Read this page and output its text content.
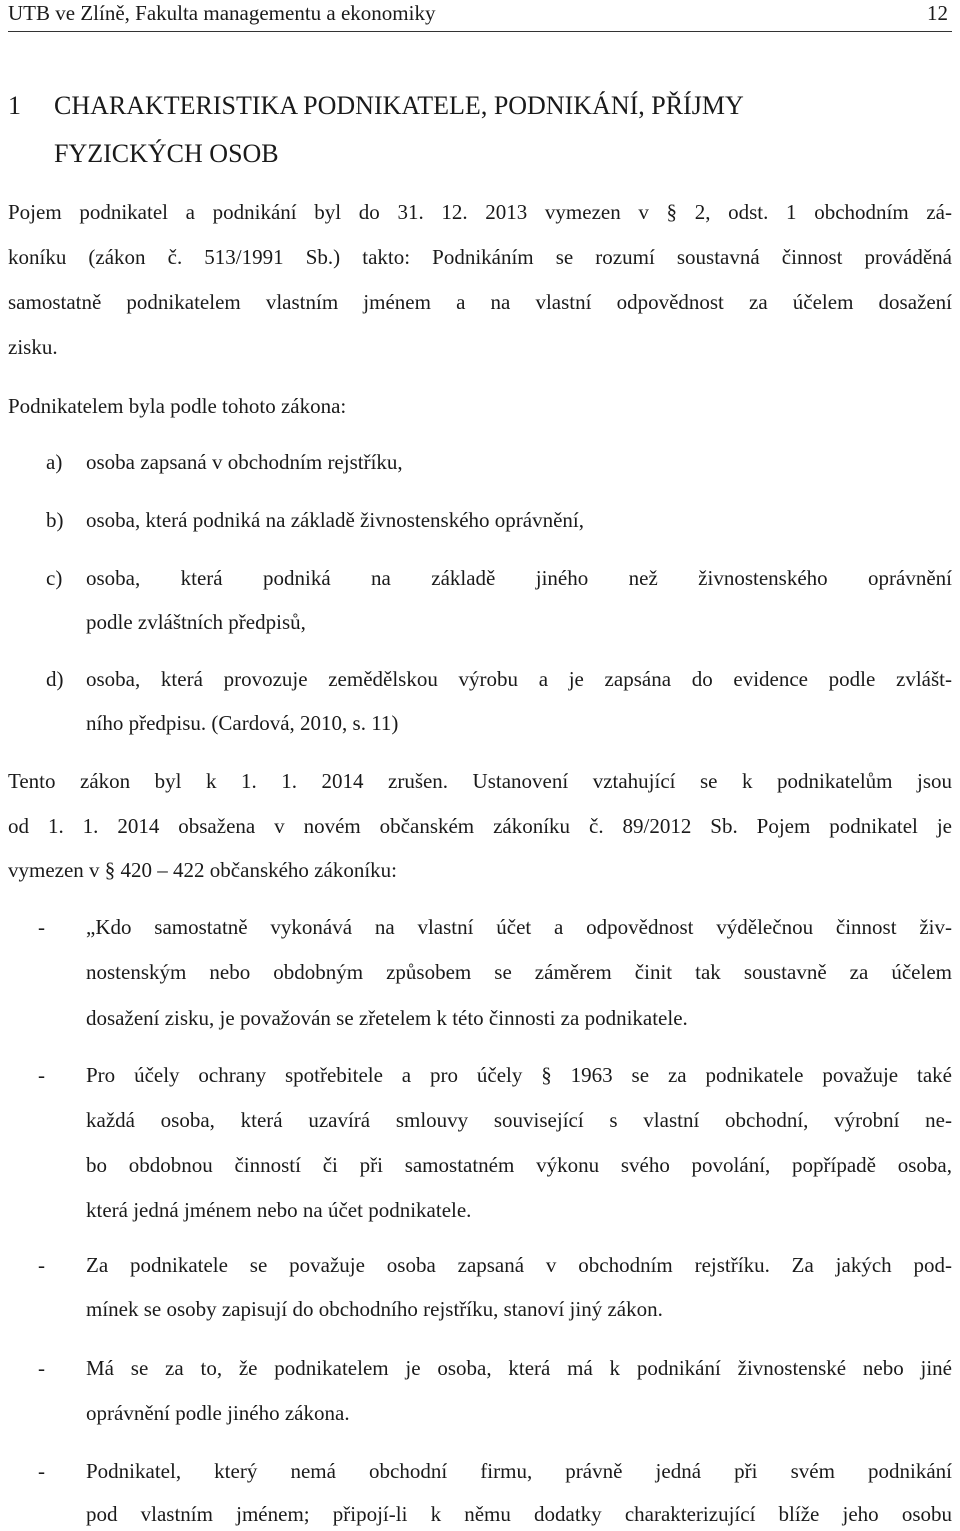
UTB ve Zlíně, Fakulta managementu a ekonomiky	12
1 CHARAKTERISTIKA PODNIKATELE, PODNIKÁNÍ, PŘÍJMY
FYZICKÝCH OSOB
Pojem podnikatel a podnikání byl do 31. 12. 2013 vymezen v § 2, odst. 1 obchodním zá-
koníku (zákon č. 513/1991 Sb.) takto: Podnikáním se rozumí soustavná činnost prováděná
samostatně podnikatelem vlastním jménem a na vlastní odpovědnost za účelem dosažení
zisku.
Podnikatelem byla podle tohoto zákona:
a) osoba zapsaná v obchodním rejstříku,
b) osoba, která podniká na základě živnostenského oprávnění,
c) osoba, která podniká na základě jiného než živnostenského oprávnění
podle zvláštních předpisů,
d) osoba, která provozuje zemědělskou výrobu a je zapsána do evidence podle zvlášt-
ního předpisu. (Cardová, 2010, s. 11)
Tento zákon byl k 1. 1. 2014 zrušen. Ustanovení vztahující se k podnikatelům jsou
od 1. 1. 2014 obsažena v novém občanském zákoníku č. 89/2012 Sb. Pojem podnikatel je
vymezen v § 420 – 422 občanského zákoníku:
- „Kdo samostatně vykonává na vlastní účet a odpovědnost výdělečnou činnost živ-
nostenským nebo obdobným způsobem se záměrem činit tak soustavně za účelem
dosažení zisku, je považován se zřetelem k této činnosti za podnikatele.
- Pro účely ochrany spotřebitele a pro účely § 1963 se za podnikatele považuje také
každá osoba, která uzavírá smlouvy související s vlastní obchodní, výrobní ne-
bo obdobnou činností či při samostatném výkonu svého povolání, popřípadě osoba,
která jedná jménem nebo na účet podnikatele.
- Za podnikatele se považuje osoba zapsaná v obchodním rejstříku. Za jakých pod-
mínek se osoby zapisují do obchodního rejstříku, stanoví jiný zákon.
- Má se za to, že podnikatelem je osoba, která má k podnikání živnostenské nebo jiné
oprávnění podle jiného zákona.
- Podnikatel, který nemá obchodní firmu, právně jedná při svém podnikání
pod vlastním jménem; připojí-li k němu dodatky charakterizující blíže jeho osobu
